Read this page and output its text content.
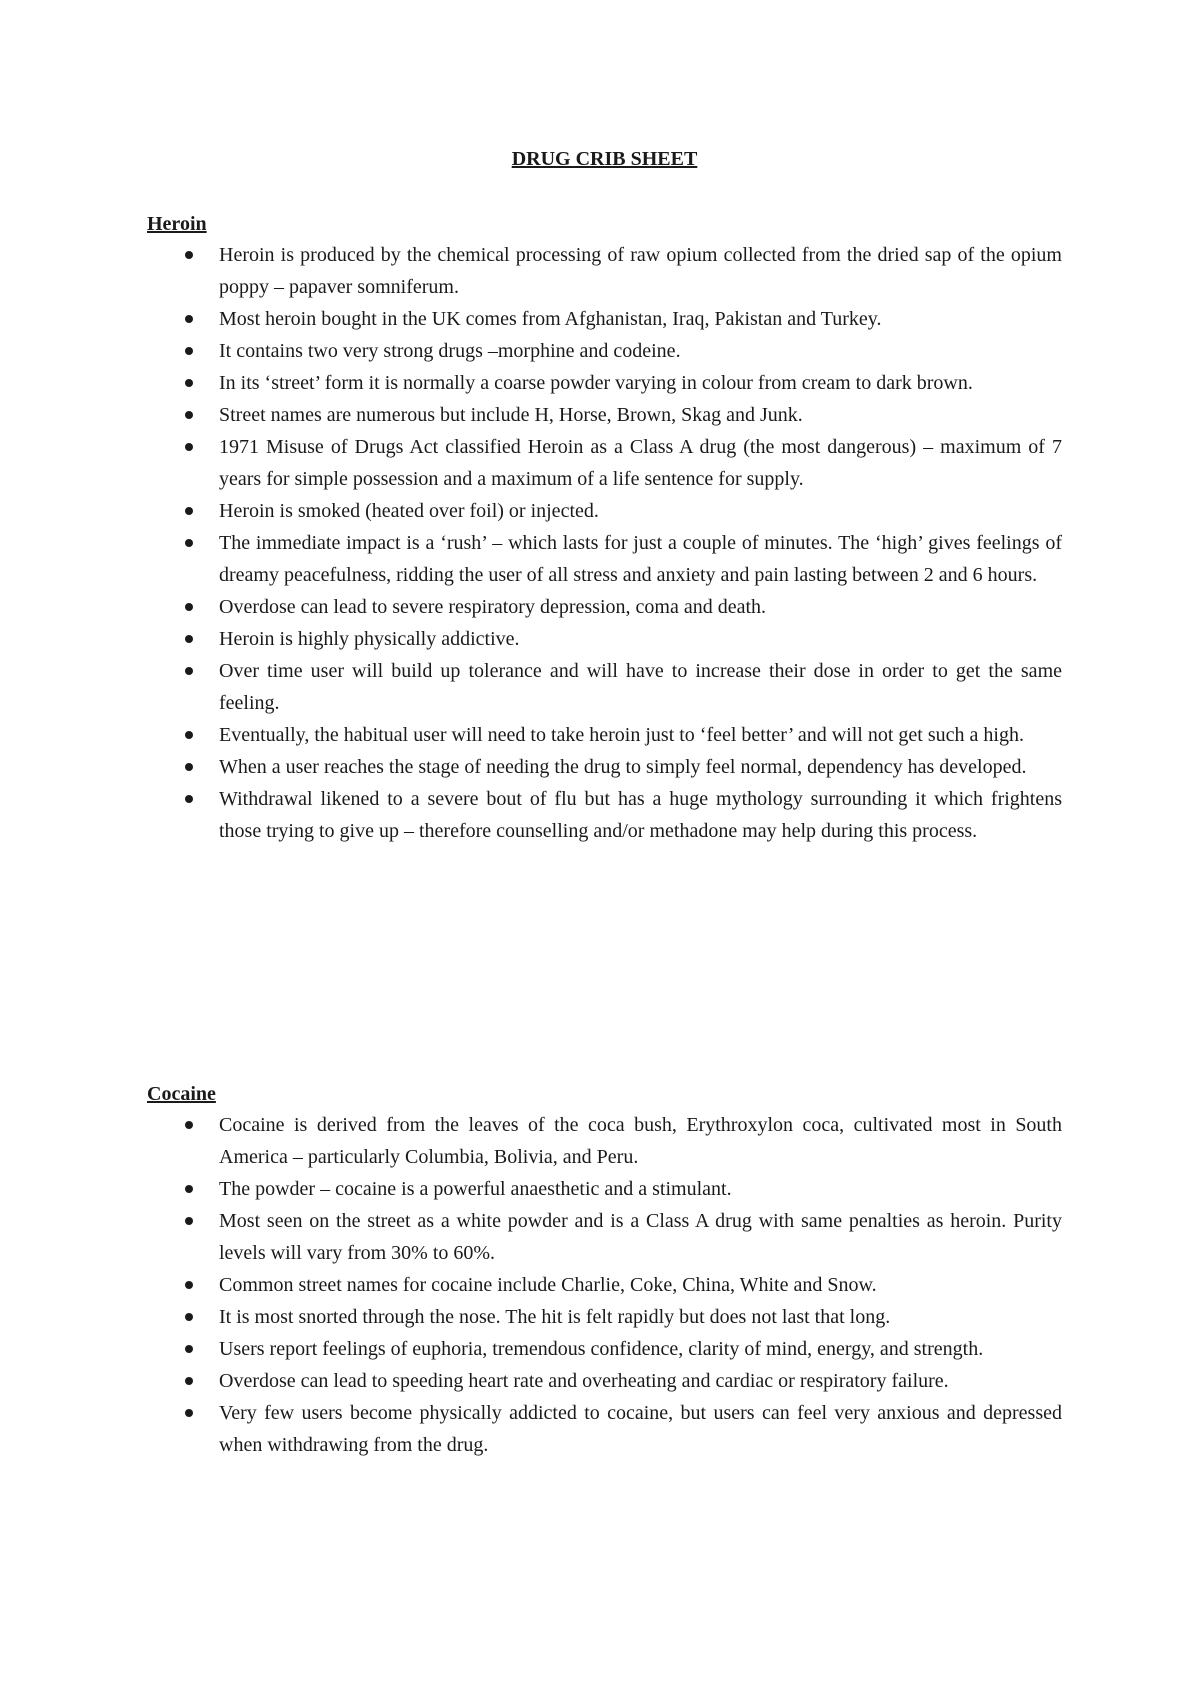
DRUG CRIB SHEET
Heroin
Heroin is produced by the chemical processing of raw opium collected from the dried sap of the opium poppy – papaver somniferum.
Most heroin bought in the UK comes from Afghanistan, Iraq, Pakistan and Turkey.
It contains two very strong drugs –morphine and codeine.
In its ‘street’ form it is normally a coarse powder varying in colour from cream to dark brown.
Street names are numerous but include H, Horse, Brown, Skag and Junk.
1971 Misuse of Drugs Act classified Heroin as a Class A drug (the most dangerous) – maximum of 7 years for simple possession and a maximum of a life sentence for supply.
Heroin is smoked (heated over foil) or injected.
The immediate impact is a ‘rush’ – which lasts for just a couple of minutes. The ‘high’ gives feelings of dreamy peacefulness, ridding the user of all stress and anxiety and pain lasting between 2 and 6 hours.
Overdose can lead to severe respiratory depression, coma and death.
Heroin is highly physically addictive.
Over time user will build up tolerance and will have to increase their dose in order to get the same feeling.
Eventually, the habitual user will need to take heroin just to ‘feel better’ and will not get such a high.
When a user reaches the stage of needing the drug to simply feel normal, dependency has developed.
Withdrawal likened to a severe bout of flu but has a huge mythology surrounding it which frightens those trying to give up – therefore counselling and/or methadone may help during this process.
Cocaine
Cocaine is derived from the leaves of the coca bush, Erythroxylon coca, cultivated most in South America – particularly Columbia, Bolivia, and Peru.
The powder – cocaine is a powerful anaesthetic and a stimulant.
Most seen on the street as a white powder and is a Class A drug with same penalties as heroin. Purity levels will vary from 30% to 60%.
Common street names for cocaine include Charlie, Coke, China, White and Snow.
It is most snorted through the nose. The hit is felt rapidly but does not last that long.
Users report feelings of euphoria, tremendous confidence, clarity of mind, energy, and strength.
Overdose can lead to speeding heart rate and overheating and cardiac or respiratory failure.
Very few users become physically addicted to cocaine, but users can feel very anxious and depressed when withdrawing from the drug.
